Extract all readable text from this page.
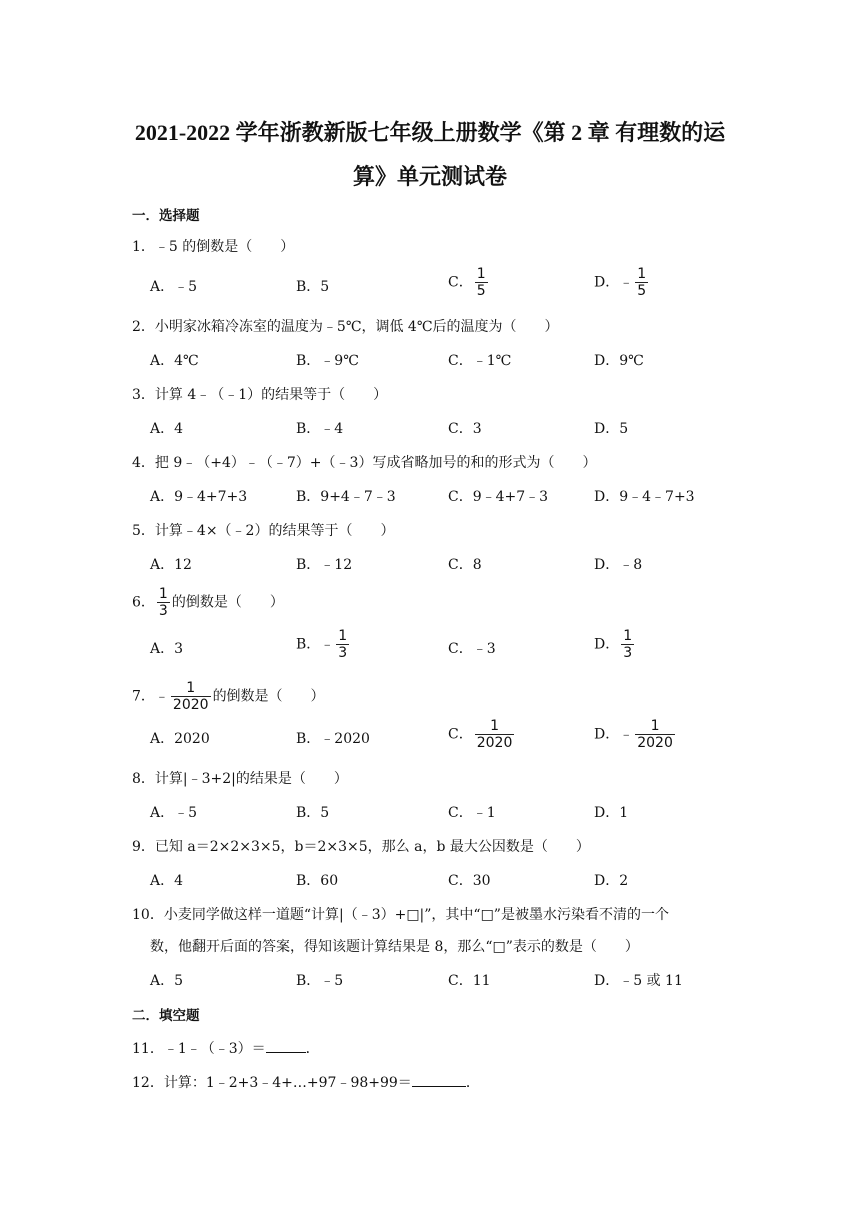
2021-2022 学年浙教新版七年级上册数学《第 2 章 有理数的运
算》单元测试卷
一．选择题
1．﹣5 的倒数是（　　）
A．﹣5	B．5	C． $\frac{1}{5}$	D．﹣ $\frac{1}{5}$
2．小明家冰箱冷冻室的温度为﹣5℃，调低 4℃后的温度为（　　）
A．4℃	B．﹣9℃	C．﹣1℃	D．9℃
3．计算 4﹣（﹣1）的结果等于（　　）
A．4	B．﹣4	C．3	D．5
4．把 9﹣（+4）﹣（﹣7）+（﹣3）写成省略加号的和的形式为（　　）
A．9﹣4+7+3	B．9+4﹣7﹣3	C．9﹣4+7﹣3	D．9﹣4﹣7+3
5．计算﹣4×（﹣2）的结果等于（　　）
A．12	B．﹣12	C．8	D．﹣8
6． $\frac{1}{3}$ 的倒数是（　　）
A．3	B．﹣ $\frac{1}{3}$	C．﹣3	D． $\frac{1}{3}$
7．﹣ $\frac{1}{2020}$ 的倒数是（　　）
A．2020	B．﹣2020	C． $\frac{1}{2020}$	D．﹣ $\frac{1}{2020}$
8．计算|﹣3+2|的结果是（　　）
A．﹣5	B．5	C．﹣1	D．1
9．已知 a＝2×2×3×5，b＝2×3×5，那么 a，b 最大公因数是（　　）
A．4	B．60	C．30	D．2
10．小麦同学做这样一道题“计算|（﹣3）+□|”，其中“□”是被墨水污染看不清的一个
数，他翻开后面的答案，得知该题计算结果是 8，那么“□”表示的数是（　　）
A．5	B．﹣5	C．11	D．﹣5 或 11
二．填空题
11．﹣1﹣（﹣3）＝	．
12．计算：1﹣2+3﹣4+…+97﹣98+99＝	．
